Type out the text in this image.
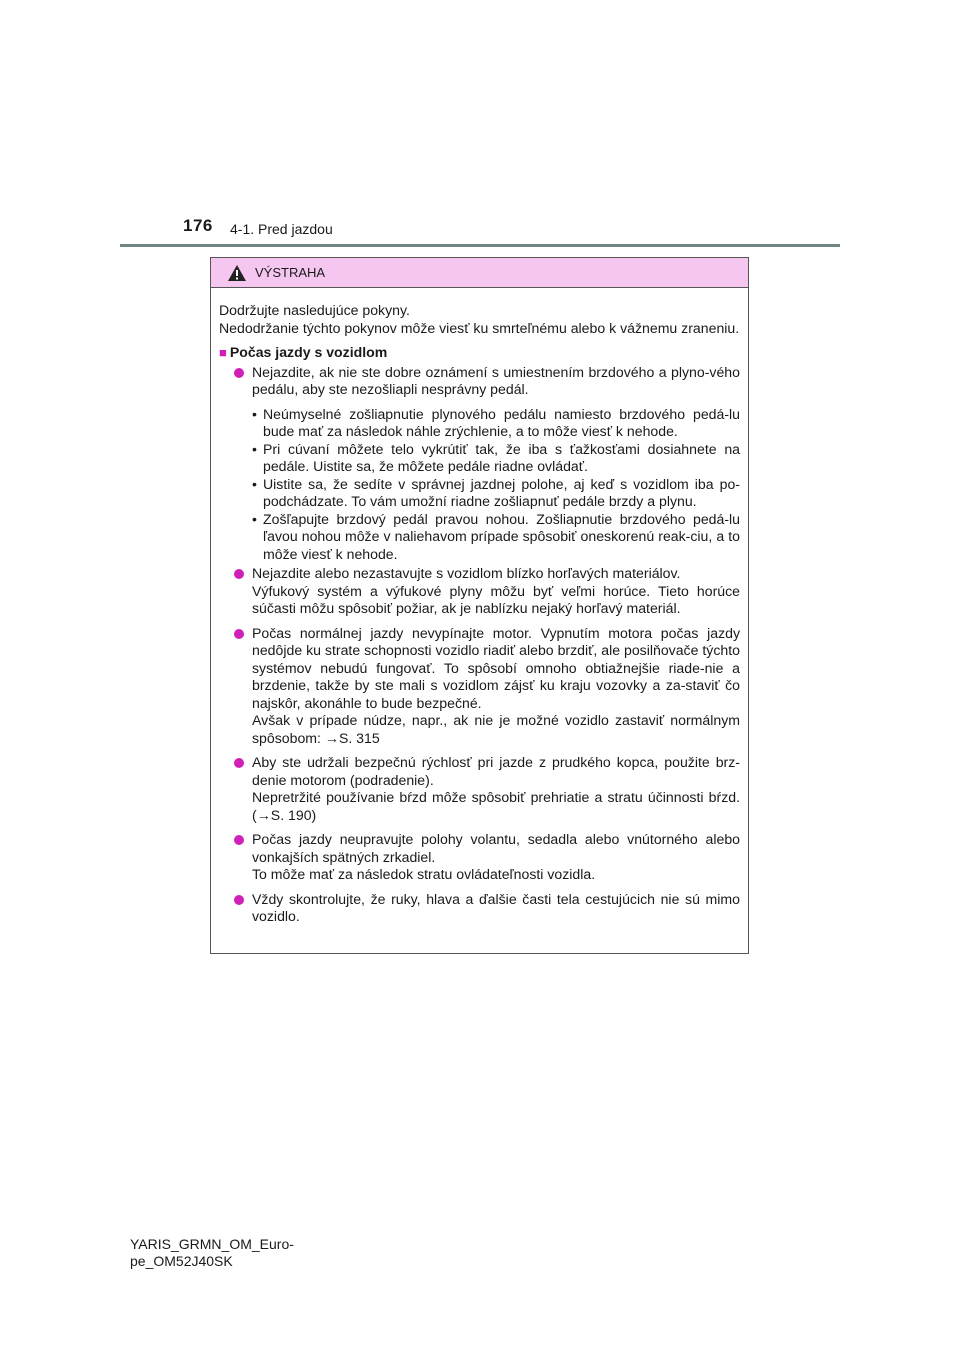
176 4-1. Pred jazdou
VÝSTRAHA

Dodržujte nasledujúce pokyny.

Nedodržanie týchto pokynov môže viesť ku smrteľnému alebo k vážnemu zraneniu.

■ Počas jazdy s vozidlom

Nejazdite, ak nie ste dobre oznámení s umiestnením brzdového a plyno-vého pedálu, aby ste nezošliapli nesprávny pedál.

• Neúmyselné zošliapnutie plynového pedálu namiesto brzdového pedá-lu bude mať za následok náhle zrýchlenie, a to môže viesť k nehode.
• Pri cúvaní môžete telo vykrútiť tak, že iba s ťažkosťami dosiahnete na pedále. Uistite sa, že môžete pedále riadne ovládať.
• Uistite sa, že sedíte v správnej jazdnej polohe, aj keď s vozidlom iba po-podchádzate. To vám umožní riadne zošliapnuť pedále brzdy a plynu.
• Zošľapujte brzdový pedál pravou nohou. Zošliapnutie brzdového pedá-lu ľavou nohou môže v naliehavom prípade spôsobiť oneskorenú reak-ciu, a to môže viesť k nehode.

Nejazdite alebo nezastavujte s vozidlom blízko horľavých materiálov.

Výfukový systém a výfukové plyny môžu byť veľmi horúce. Tieto horúce súčasti môžu spôsobiť požiar, ak je nablízku nejaký horľavý materiál.

Počas normálnej jazdy nevypínajte motor. Vypnutím motora počas jazdy nedôjde ku strate schopnosti vozidlo riadiť alebo brzdiť, ale posilňovače týchto systémov nebudú fungovať. To spôsobí omnoho obtiažnejšie riade-nie a brzdenie, takže by ste mali s vozidlom zájsť ku kraju vozovky a za-staviť čo najskôr, akonáhle to bude bezpečné.

Avšak v prípade núdze, napr., ak nie je možné vozidlo zastaviť normálnym spôsobom: →S. 315

Aby ste udržali bezpečnú rýchlosť pri jazde z prudkého kopca, použite brz-denie motorom (podradenie).

Nepretržité používanie bŕzd môže spôsobiť prehriatie a stratu účinnosti bŕzd. (→S. 190)

Počas jazdy neupravujte polohy volantu, sedadla alebo vnútorného alebo vonkajších spätných zrkadiel.

To môže mať za následok stratu ovládateľnosti vozidla.

Vždy skontrolujte, že ruky, hlava a ďalšie časti tela cestujúcich nie sú mimo vozidlo.

YARIS_GRMN_OM_Euro-
pe_OM52J40SK
